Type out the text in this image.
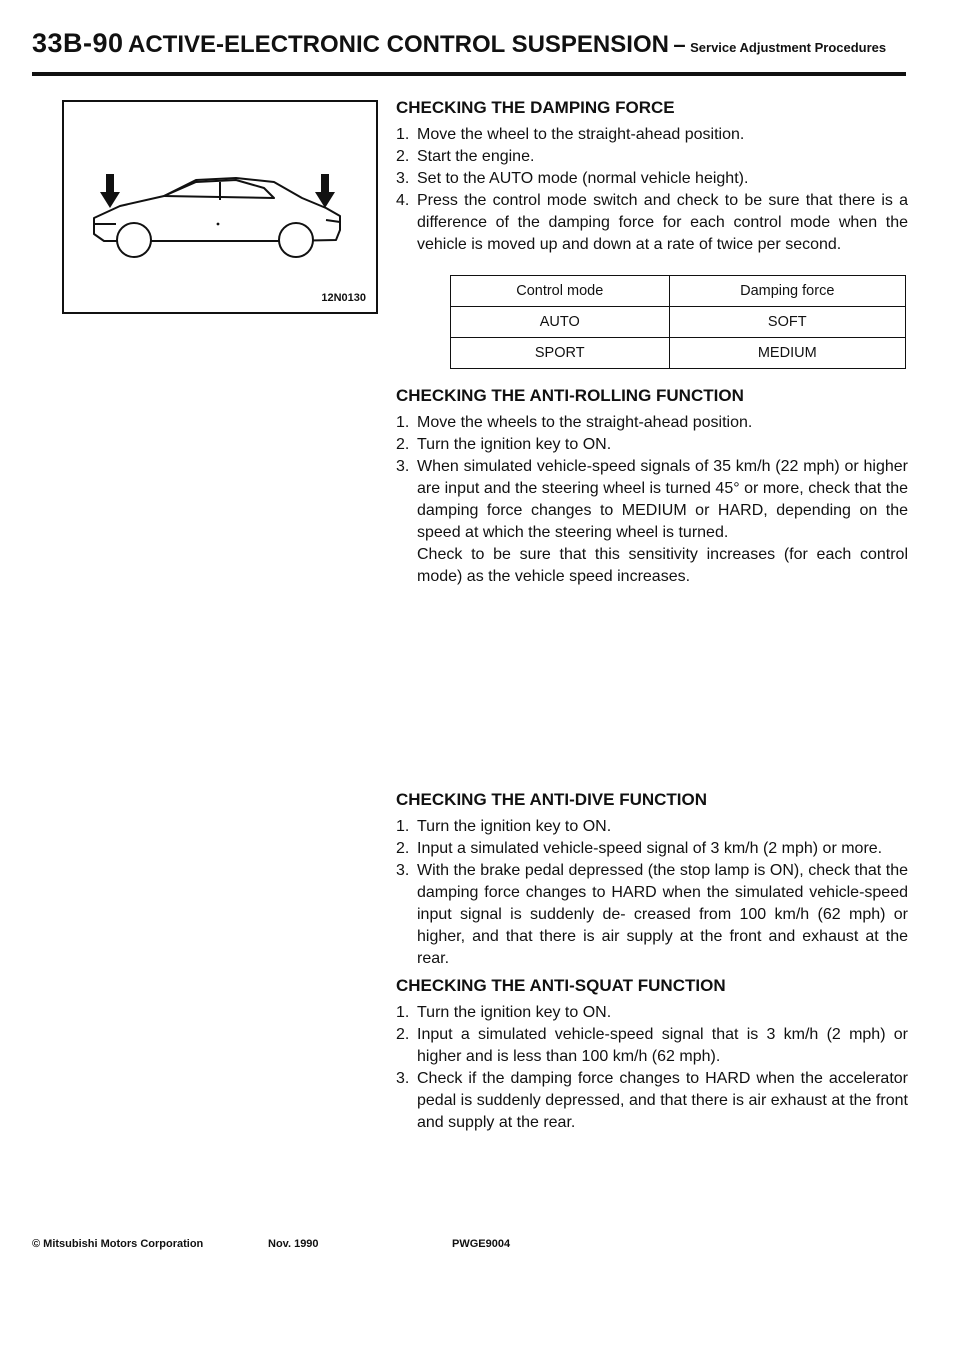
33B-90 ACTIVE-ELECTRONIC CONTROL SUSPENSION – Service Adjustment Procedures
12N0130
CHECKING THE DAMPING FORCE
1. Move the wheel to the straight-ahead position.
2. Start the engine.
3. Set to the AUTO mode (normal vehicle height).
4. Press the control mode switch and check to be sure that there is a difference of the damping force for each control mode when the vehicle is moved up and down at a rate of twice per second.
Control mode	Damping force
AUTO	SOFT
SPORT	MEDIUM
CHECKING THE ANTI-ROLLING FUNCTION
1. Move the wheels to the straight-ahead position.
2. Turn the ignition key to ON.
3. When simulated vehicle-speed signals of 35 km/h (22 mph) or higher are input and the steering wheel is turned 45° or more, check that the damping force changes to MEDIUM or HARD, depending on the speed at which the steering wheel is turned.
Check to be sure that this sensitivity increases (for each control mode) as the vehicle speed increases.
CHECKING THE ANTI-DIVE FUNCTION
1. Turn the ignition key to ON.
2. Input a simulated vehicle-speed signal of 3 km/h (2 mph) or more.
3. With the brake pedal depressed (the stop lamp is ON), check that the damping force changes to HARD when the simulated vehicle-speed input signal is suddenly de- creased from 100 km/h (62 mph) or higher, and that there is air supply at the front and exhaust at the rear.
CHECKING THE ANTI-SQUAT FUNCTION
1. Turn the ignition key to ON.
2. Input a simulated vehicle-speed signal that is 3 km/h (2 mph) or higher and is less than 100 km/h (62 mph).
3. Check if the damping force changes to HARD when the accelerator pedal is suddenly depressed, and that there is air exhaust at the front and supply at the rear.
© Mitsubishi Motors Corporation	Nov. 1990	PWGE9004
